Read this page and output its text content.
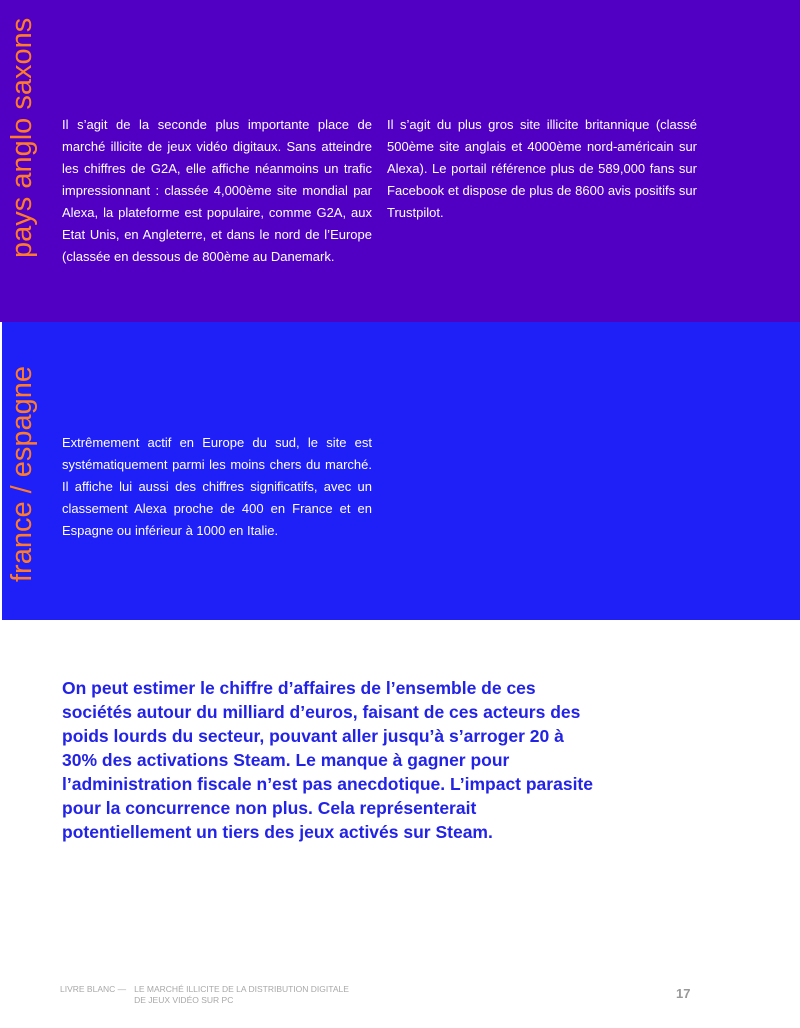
pays anglo saxons Il s’agit de la seconde plus importante place de marché illicite de jeux vidéo digitaux. Sans atteindre les chiffres de G2A, elle affiche néanmoins un trafic impressionnant : classée 4,000ème site mondial par Alexa, la plateforme est populaire, comme G2A, aux Etat Unis, en Angleterre, et dans le nord de l’Europe (classée en dessous de 800ème au Danemark.

Il s’agit du plus gros site illicite britannique (classé 500ème site anglais et 4000ème nord-américain sur Alexa). Le portail référence plus de 589,000 fans sur Facebook et dispose de plus de 8600 avis positifs sur Trustpilot.

france / espagne Extrêmement actif en Europe du sud, le site est systématiquement parmi les moins chers du marché. Il affiche lui aussi des chiffres significatifs, avec un classement Alexa proche de 400 en France et en Espagne ou inférieur à 1000 en Italie.

On peut estimer le chiffre d’affaires de l’ensemble de ces sociétés autour du milliard d’euros, faisant de ces acteurs des poids lourds du secteur, pouvant aller jusqu’à s’arroger 20 à 30% des activations Steam. Le manque à gagner pour l’administration fiscale n’est pas anecdotique. L’impact parasite pour la concurrence non plus. Cela représenterait potentiellement un tiers des jeux activés sur Steam.

LIVRE BLANC — LE MARCHÉ ILLICITE DE LA DISTRIBUTION DIGITALE
DE JEUX VIDÉO SUR PC	17
